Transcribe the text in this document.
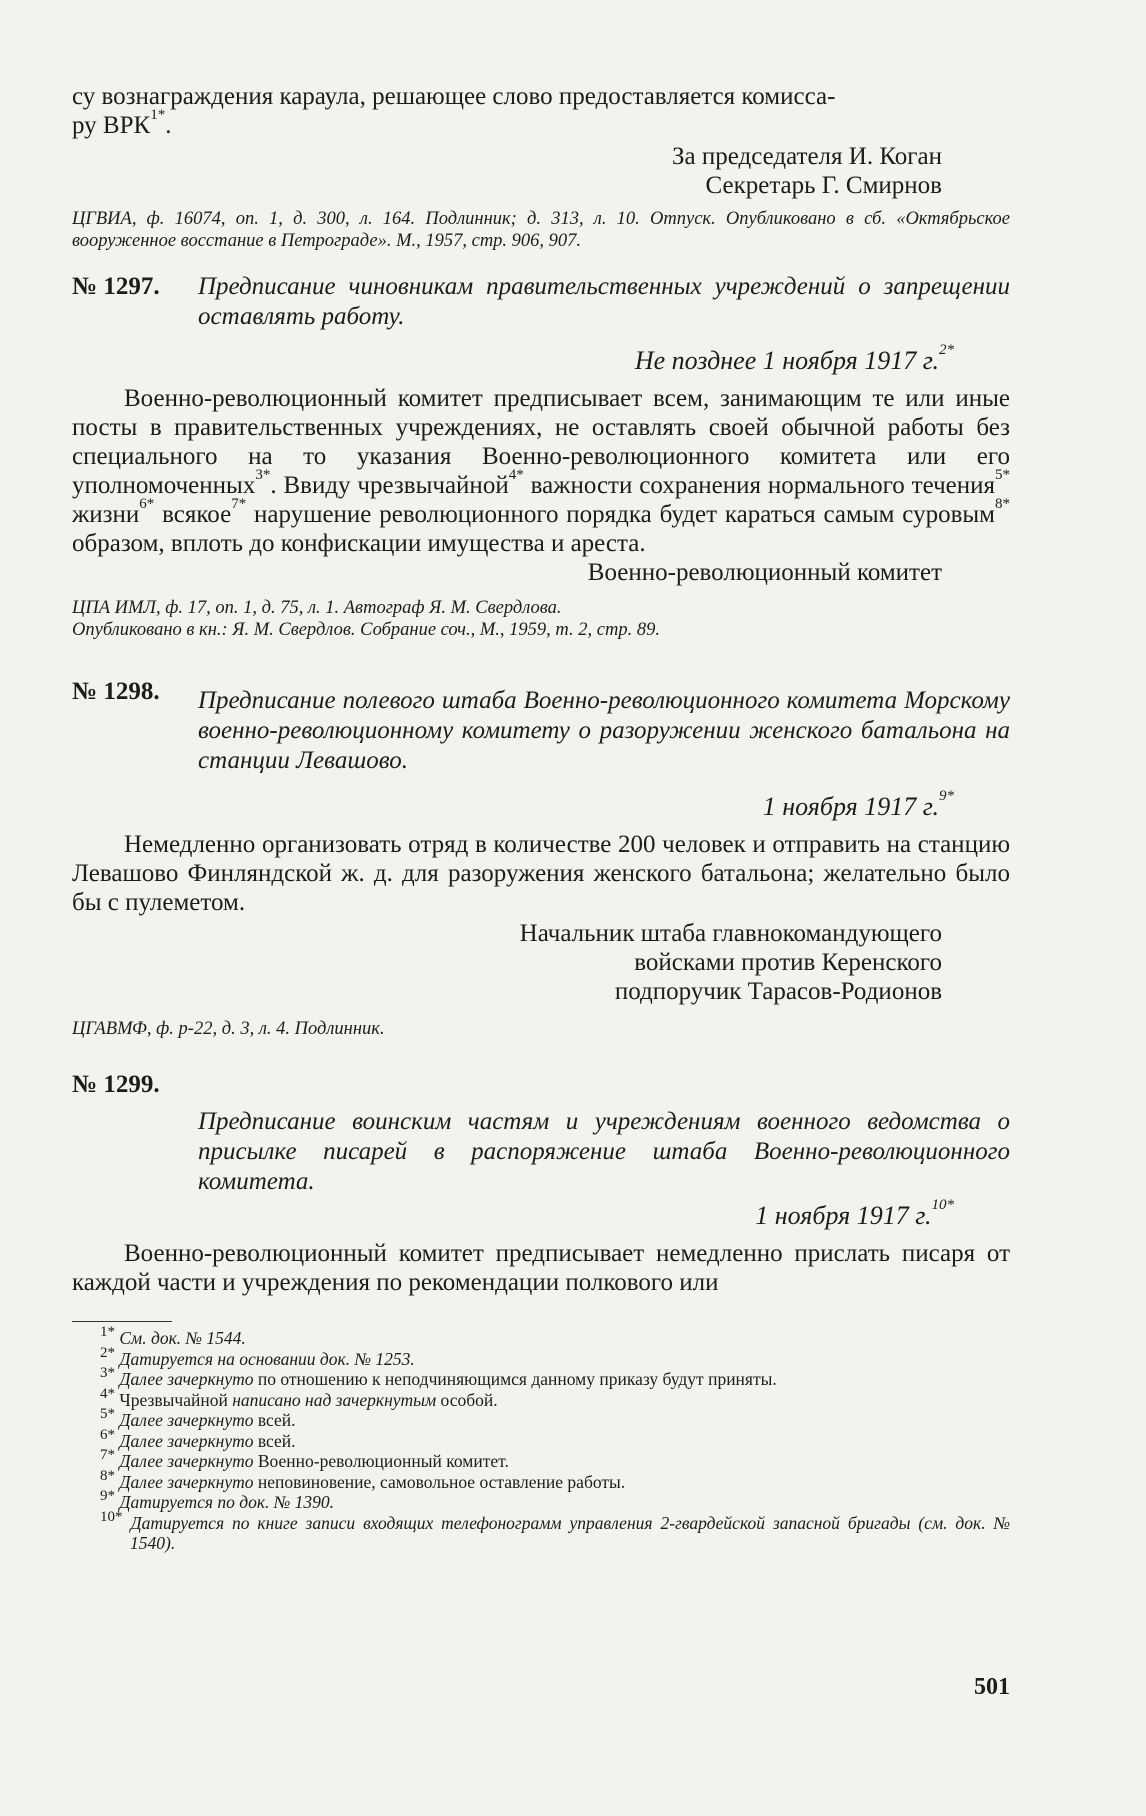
су вознаграждения караула, решающее слово предоставляется комисса-
ру $ВРК^{1*}$.

За председателя И. Коган
Секретарь Г. Смирнов
ЦГВИА, ф. 16074, оп. 1, д. 300, л. 164. Подлинник; д. 313, л. 10. Отпуск. Опубликовано в сб. «Октябрьское вооруженное восстание в Петрограде». М., 1957, стр. 906, 907.
№ 1297.	Предписание чиновникам правительственных учреждений о запрещении оставлять работу.
Не позднее 1 ноября 1917 г.$^{2*}$

Военно-революционный комитет предписывает всем, занимающим те или иные посты в правительственных учреждениях, не оставлять своей обычной работы без специального на то указания Военно-революционного комитета или его уполномоченных$^{3*}$. Ввиду чрезвычайной$^{4*}$ важности сохранения нормального течения$^{5*}$ жизни$^{6*}$ всякое$^{7*}$ нарушение революционного порядка будет караться самым суровым$^{8*}$ образом, вплоть до конфискации имущества и ареста.

Военно-революционный комитет
ЦПА ИМЛ, ф. 17, оп. 1, д. 75, л. 1. Автограф Я. М. Свердлова.
Опубликовано в кн.: Я. М. Свердлов. Собрание соч., М., 1959, т. 2, стр. 89.
№ 1298.	Предписание полевого штаба Военно-революционного комитета Морскому военно-революционному комитету о разоружении женского батальона на станции Левашово.
1 ноября 1917 г.$^{9*}$

Немедленно организовать отряд в количестве 200 человек и отправить на станцию Левашово Финляндской ж. д. для разоружения женского батальона; желательно было бы с пулеметом.

Начальник штаба главнокомандующего
войсками против Керенского
подпоручик Тарасов-Родионов
ЦГАВМФ, ф. р-22, д. 3, л. 4. Подлинник.
№ 1299.
Предписание воинским частям и учреждениям военного ведомства о присылке писарей в распоряжение штаба Военно-революционного комитета.
1 ноября 1917 г.$^{10*}$

Военно-революционный комитет предписывает немедленно прислать писаря от каждой части и учреждения по рекомендации полкового или

$^{1*}$ См. док. № 1544.
$^{2*}$ Датируется на основании док. № 1253.
$^{3*}$ Далее зачеркнуто по отношению к неподчиняющимся данному приказу будут приняты.
$^{4*}$ Чрезвычайной написано над зачеркнутым особой.
$^{5*}$ Далее зачеркнуто всей.
$^{6*}$ Далее зачеркнуто всей.
$^{7*}$ Далее зачеркнуто Военно-революционный комитет.
$^{8*}$ Далее зачеркнуто неповиновение, самовольное оставление работы.
$^{9*}$ Датируется по док. № 1390.
$^{10*}$ Датируется по книге записи входящих телефонограмм управления 2-гвардейской запасной бригады (см. док. № 1540).
501
